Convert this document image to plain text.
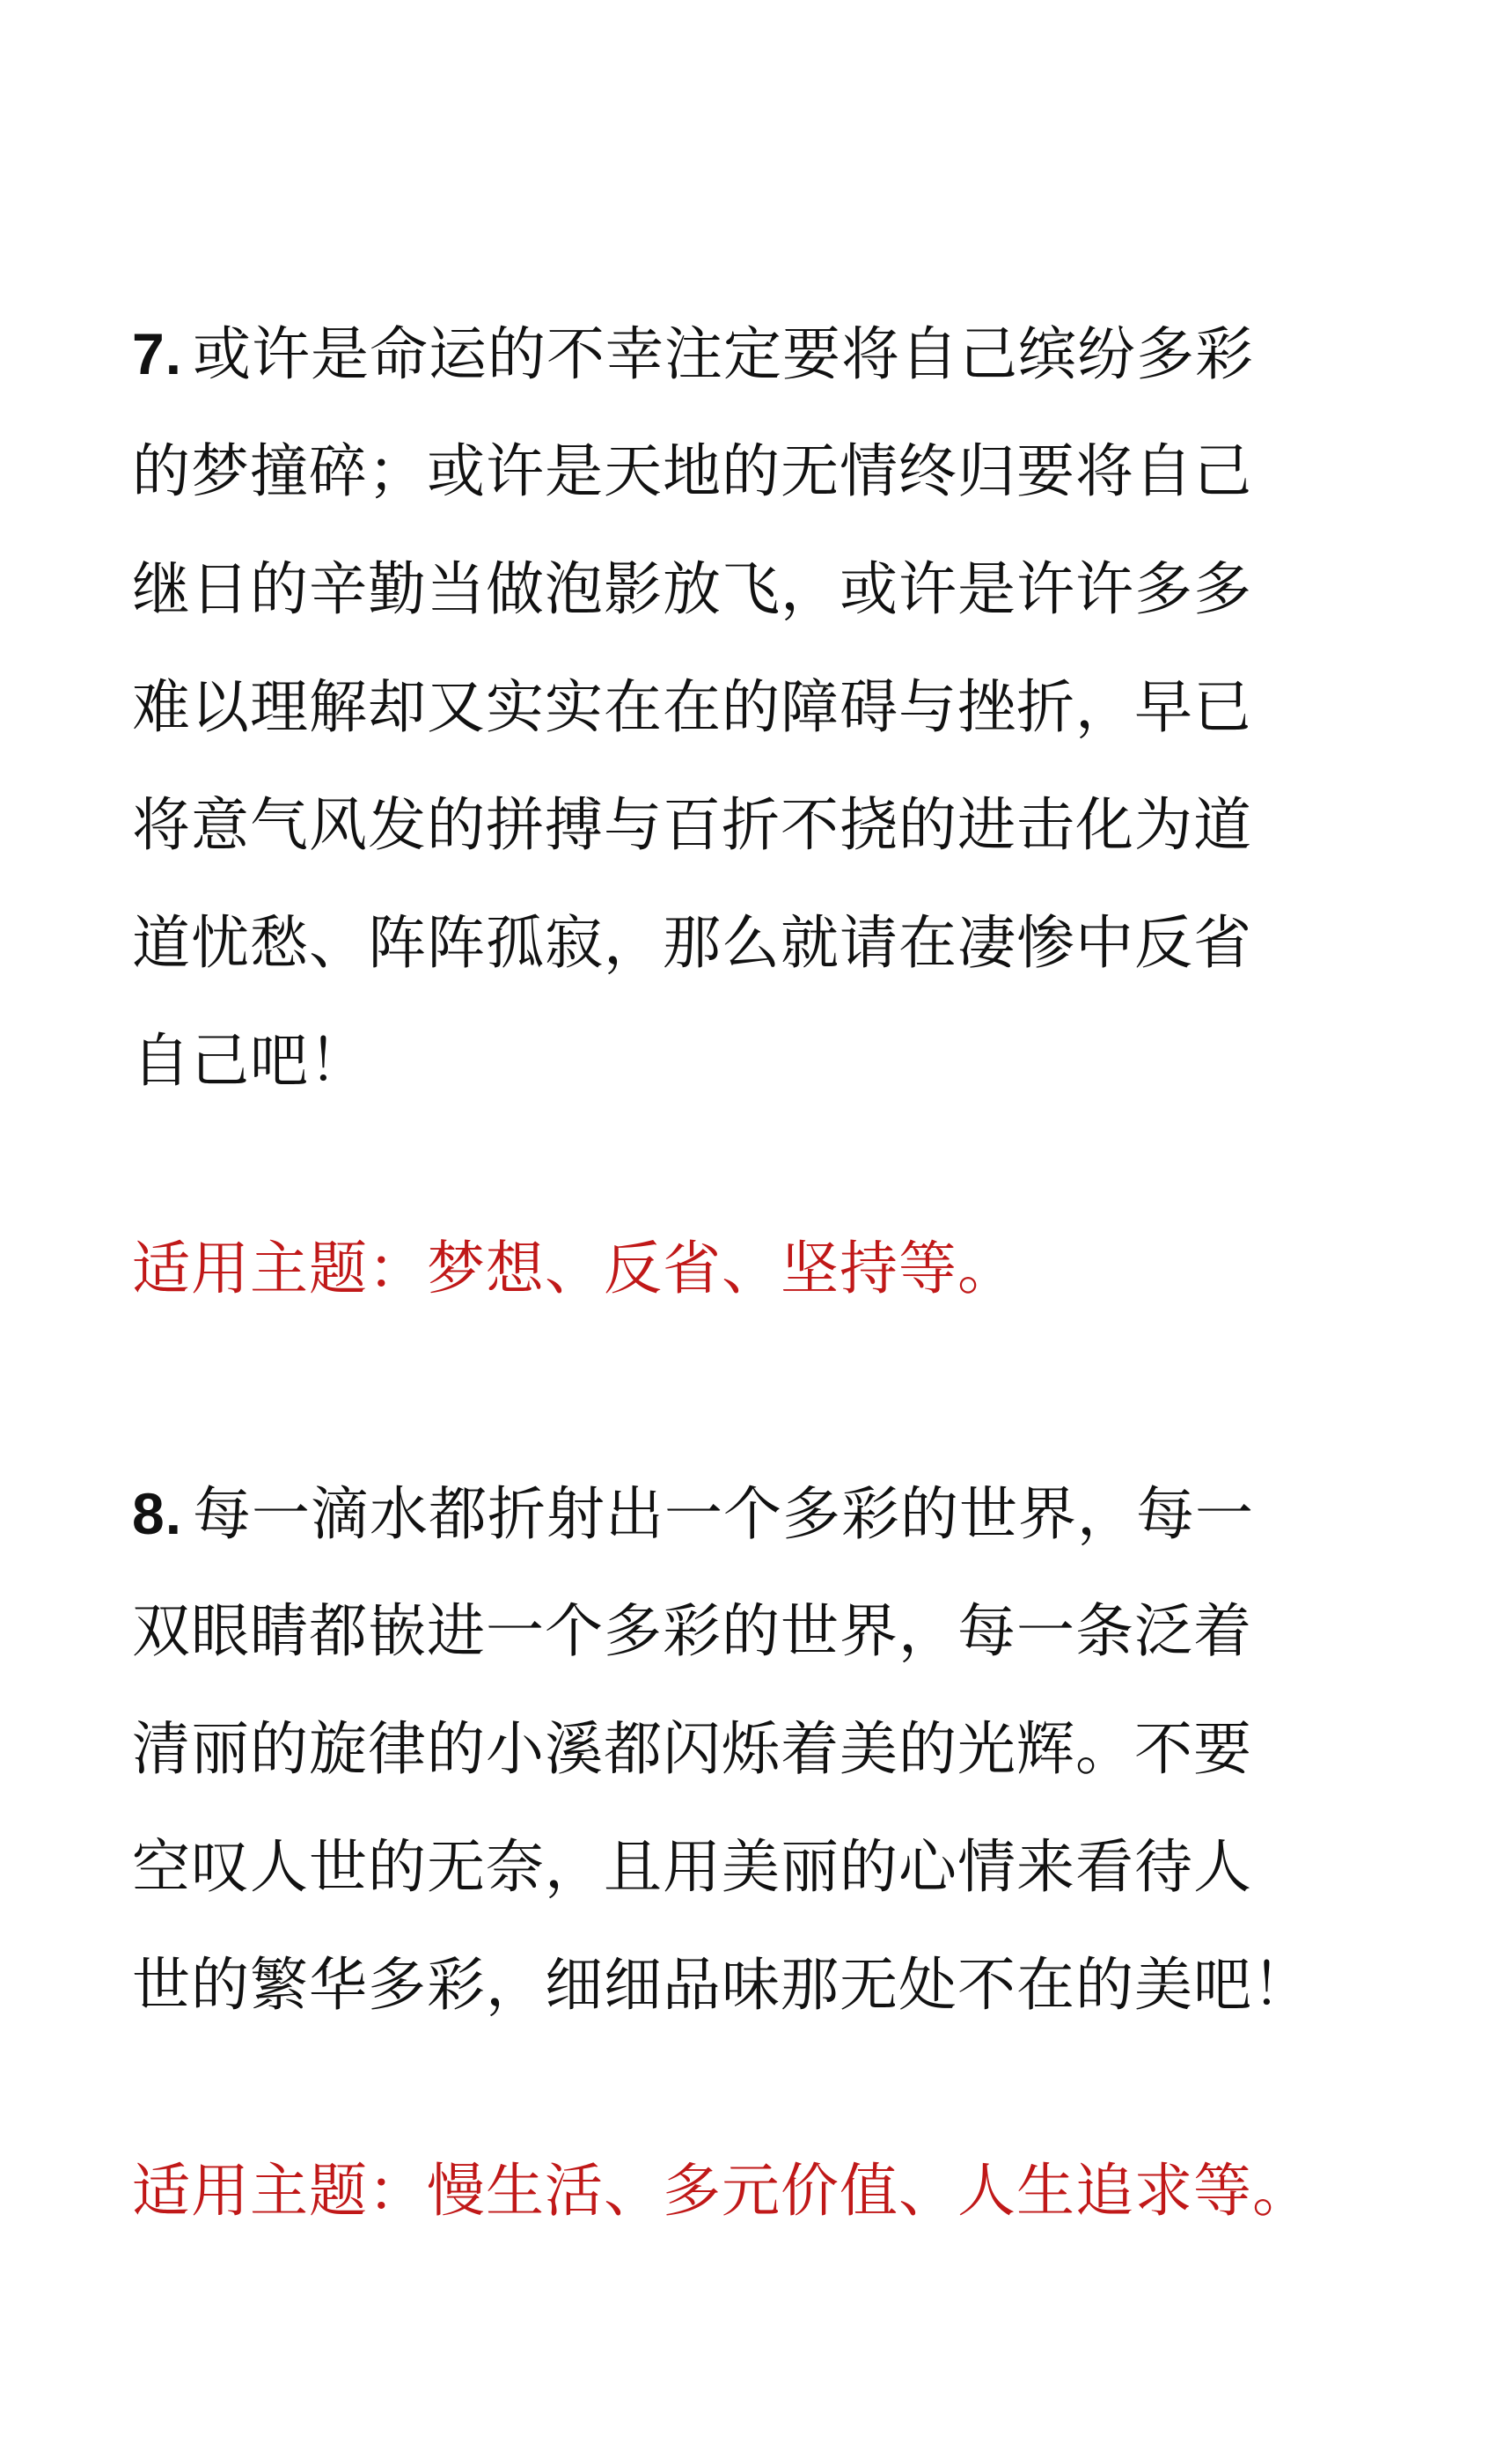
7. 或许是命运的不幸注定要将自己缤纷多彩
的梦撞碎；或许是天地的无情终归要将自己
继日的辛勤当做泡影放飞，或许是许许多多
难以理解却又实实在在的障碍与挫折，早已
将意气风发的拼搏与百折不挠的进击化为道
道忧愁、阵阵孤寂，那么就请在凄惨中反省
自己吧！
适用主题：梦想、反省、坚持等。
8. 每一滴水都折射出一个多彩的世界，每一
双眼睛都嵌进一个多彩的世界，每一条泛着
清丽的旋律的小溪都闪烁着美的光辉。不要
空叹人世的无奈，且用美丽的心情来看待人
世的繁华多彩，细细品味那无处不在的美吧！
适用主题：慢生活、多元价值、人生追求等。
